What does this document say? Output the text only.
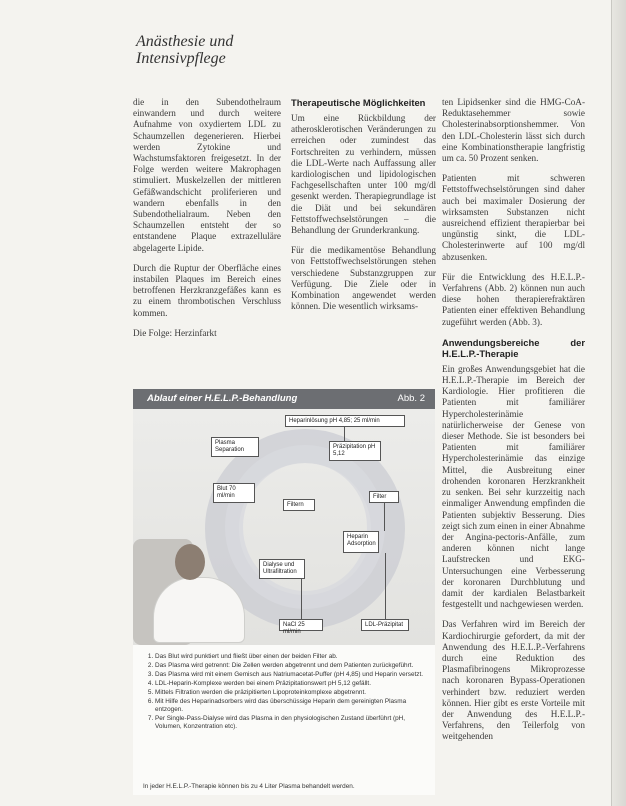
Anästhesie und Intensivpflege

die in den Subendothelraum einwandern und durch weitere Aufnahme von oxydiertem LDL zu Schaumzellen degenerieren. Hierbei werden Zytokine und Wachstumsfaktoren freigesetzt. In der Folge werden weitere Makrophagen stimuliert. Muskelzellen der mittleren Gefäßwandschicht proliferieren und wandern ebenfalls in den Subendothelialraum. Neben den Schaumzellen entsteht der so entstandene Plaque extrazelluläre abgelagerte Lipide.

Durch die Ruptur der Oberfläche eines instabilen Plaques im Bereich eines betroffenen Herzkranzgefäßes kann es zu einem thrombotischen Verschluss kommen.

Die Folge: Herzinfarkt

Therapeutische Möglichkeiten

Um eine Rückbildung der atherosklerotischen Veränderungen zu erreichen oder zumindest das Fortschreiten zu verhindern, müssen die LDL-Werte nach Auffassung aller kardiologischen und lipidologischen Fachgesellschaften unter 100 mg/dl gesenkt werden. Therapiegrundlage ist die Diät und bei sekundären Fettstoffwechselstörungen – die Behandlung der Grunderkrankung.

Für die medikamentöse Behandlung von Fettstoffwechselstörungen stehen verschiedene Substanzgruppen zur Verfügung. Die Ziele oder in Kombination angewendet werden können. Die wesentlich wirksams-

ten Lipidsenker sind die HMG-CoA-Reduktasehemmer sowie Cholesterinabsorptionshemmer. Von den LDL-Cholesterin lässt sich durch eine Kombinationstherapie langfristig um ca. 50 Prozent senken.

Patienten mit schweren Fettstoffwechselstörungen sind daher auch bei maximaler Dosierung der wirksamsten Substanzen nicht ausreichend effizient therapierbar bei ungünstig sinkt, die LDL-Cholesterinwerte auf 100 mg/dl abzusenken.

Für die Entwicklung des H.E.L.P.-Verfahrens (Abb. 2) können nun auch diese hohen therapierefraktären Patienten einer effektiven Behandlung zugeführt werden (Abb. 3).

Anwendungsbereiche der H.E.L.P.-Therapie

Ein großes Anwendungsgebiet hat die H.E.L.P.-Therapie im Bereich der Kardiologie. Hier profitieren die Patienten mit familiärer Hypercholesterinämie natürlicherweise der Genese von dieser Methode. Sie ist besonders bei Patienten mit familiärer Hypercholesterinämie das einzige Mittel, die Ausbreitung einer drohenden koronaren Herzkrankheit zu senken. Bei sehr kurzzeitig nach einmaliger Anwendung empfinden die Patienten subjektiv Besserung. Dies zeigt sich zum einen in einer Abnahme der Angina-pectoris-Anfälle, zum anderen können nicht lange Laufstrecken und EKG-Untersuchungen eine Verbesserung der koronaren Durchblutung und damit der kardialen Belastbarkeit festgestellt und nachgewiesen werden.

Das Verfahren wird im Bereich der Kardiochirurgie gefordert, da mit der Anwendung des H.E.L.P.-Verfahrens durch eine Reduktion des Plasmafibrinogens Mikroprozesse nach koronaren Bypass-Operationen verhindert bzw. reduziert werden können. Hier gibt es erste Vorteile mit der Anwendung des H.E.L.P.-Verfahrens, den Teilerfolg von weitgehenden

Ablauf einer H.E.L.P.-Behandlung	Abb. 2
Heparinlösung pH 4,85; 25 ml/min
Plasma Separation	Präzipitation pH 5,12
Blut 70 ml/min	Filter
Filtern
Heparin Adsorption
Dialyse und Ultrafiltration
NaCl 25 ml/min
LDL-Präzipitat
1. Das Blut wird punktiert und fließt über einen der beiden Filter ab.
2. Das Plasma wird getrennt: Die Zellen werden abgetrennt und dem Patienten zurückgeführt.
3. Das Plasma wird mit einem Gemisch aus Natriumacetat-Puffer (pH 4,85) und Heparin versetzt.
4. LDL-Heparin-Komplexe werden bei einem Präzipitationswert pH 5,12 gefällt.
5. Mittels Filtration werden die präzipitierten Lipoproteinkomplexe abgetrennt.
6. Mit Hilfe des Heparinadsorbers wird das überschüssige Heparin dem gereinigten Plasma entzogen.
7. Per Single-Pass-Dialyse wird das Plasma in den physiologischen Zustand überführt (pH, Volumen, Konzentration etc).
In jeder H.E.L.P.-Therapie können bis zu 4 Liter Plasma behandelt werden.
